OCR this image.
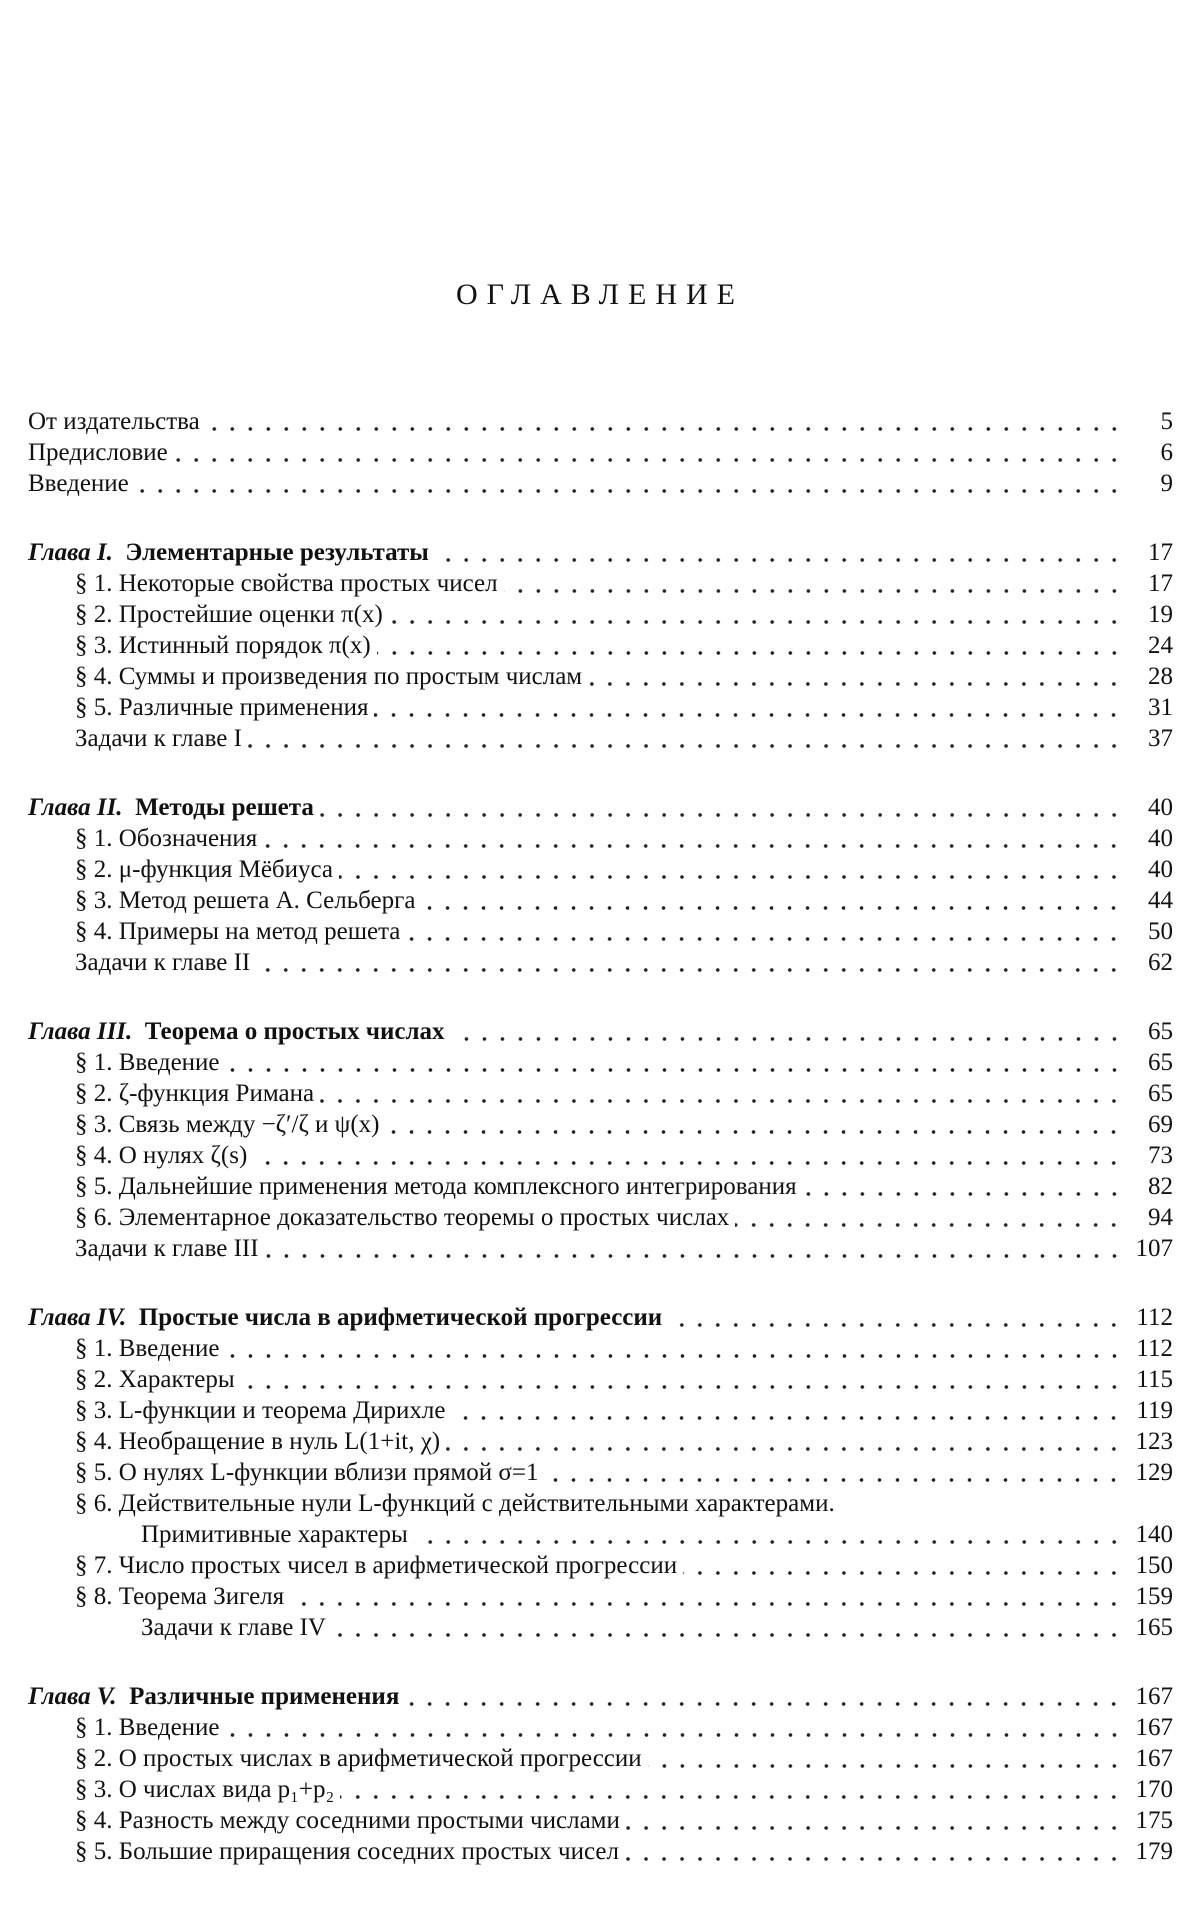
ОГЛАВЛЕНИЕ
От издательства	5
Предисловие	6
Введение	9
Глава I. Элементарные результаты	17
§ 1. Некоторые свойства простых чисел	17
§ 2. Простейшие оценки π(x)	19
§ 3. Истинный порядок π(x)	24
§ 4. Суммы и произведения по простым числам	28
§ 5. Различные применения	31
Задачи к главе I	37
Глава II. Методы решета	40
§ 1. Обозначения	40
§ 2. μ-функция Мёбиуса	40
§ 3. Метод решета А. Сельберга	44
§ 4. Примеры на метод решета	50
Задачи к главе II	62
Глава III. Теорема о простых числах	65
§ 1. Введение	65
§ 2. ζ-функция Римана	65
§ 3. Связь между −ζ′/ζ и ψ(x)	69
§ 4. О нулях ζ(s)	73
§ 5. Дальнейшие применения метода комплексного интегрирования	82
§ 6. Элементарное доказательство теоремы о простых числах	94
Задачи к главе III	107
Глава IV. Простые числа в арифметической прогрессии	112
§ 1. Введение	112
§ 2. Характеры	115
§ 3. L-функции и теорема Дирихле	119
§ 4. Необращение в нуль L(1+it, χ)	123
§ 5. О нулях L-функции вблизи прямой σ=1	129
§ 6. Действительные нули L-функций с действительными характерами.
Примитивные характеры	140
§ 7. Число простых чисел в арифметической прогрессии	150
§ 8. Теорема Зигеля	159
Задачи к главе IV	165
Глава V. Различные применения	167
§ 1. Введение	167
§ 2. О простых числах в арифметической прогрессии	167
§ 3. О числах вида p₁+p₂	170
§ 4. Разность между соседними простыми числами	175
§ 5. Большие приращения соседних простых чисел	179
